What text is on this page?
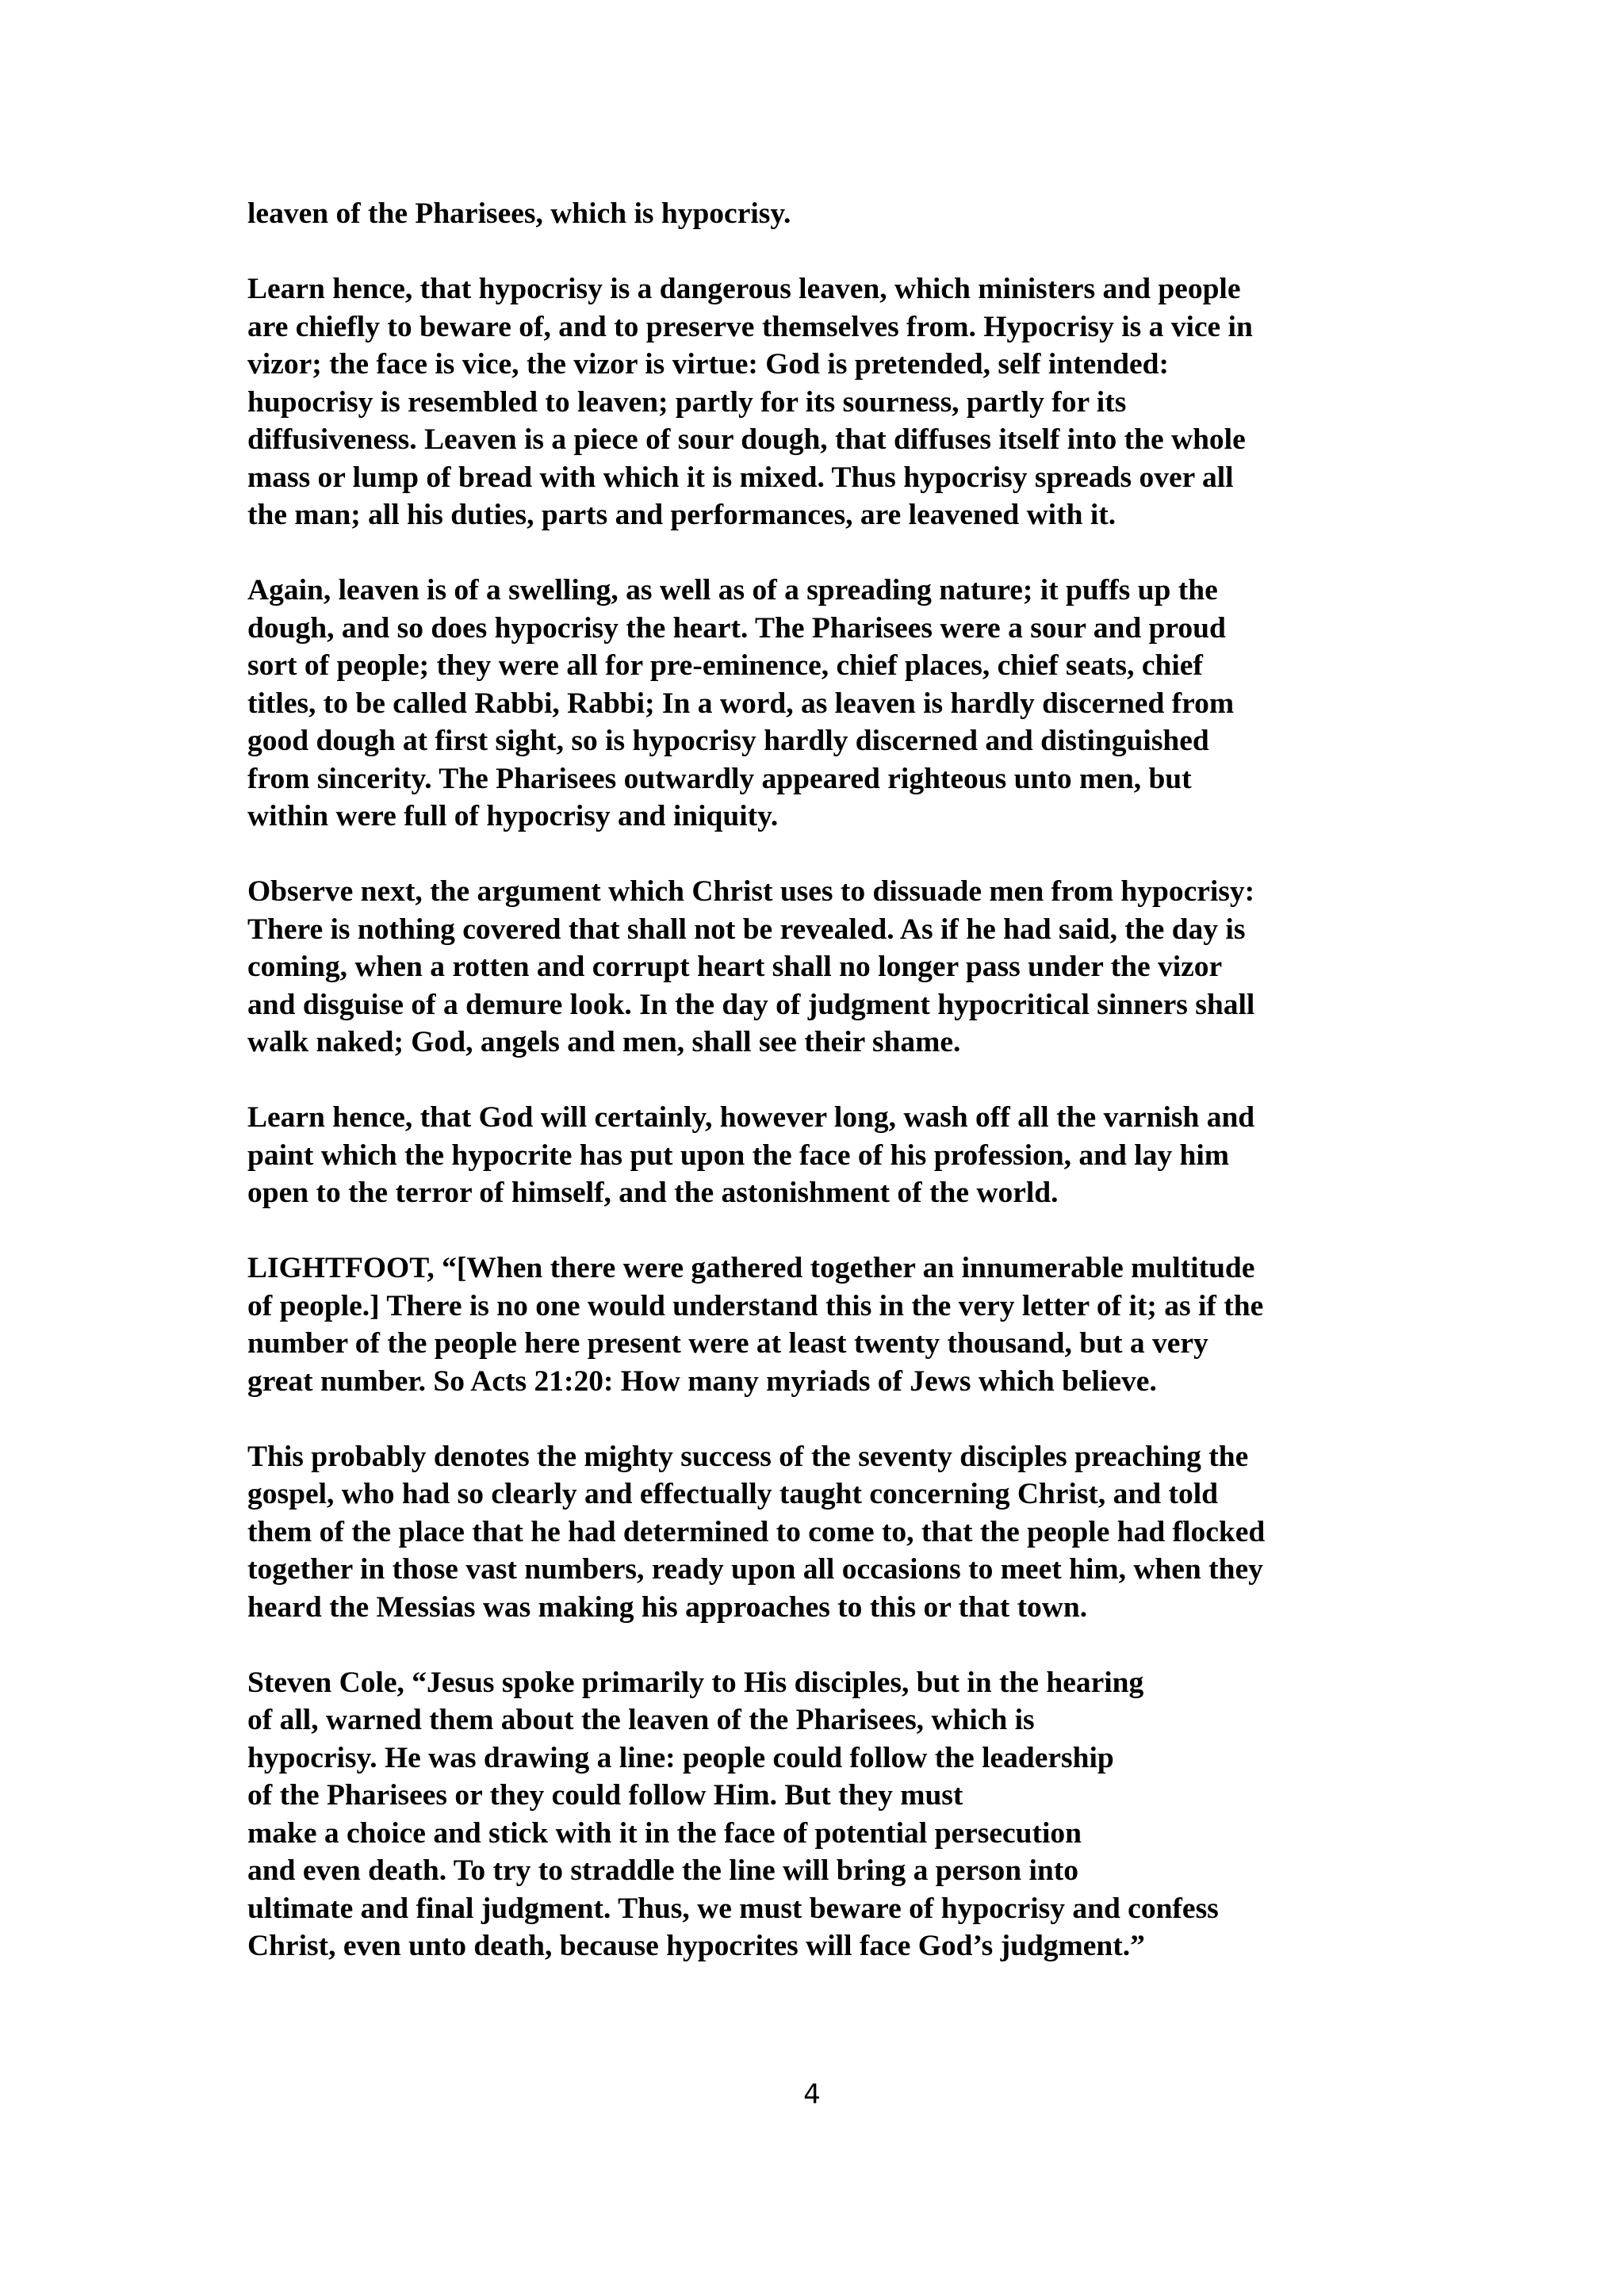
leaven of the Pharisees, which is hypocrisy.
Learn hence, that hypocrisy is a dangerous leaven, which ministers and people
are chiefly to beware of, and to preserve themselves from. Hypocrisy is a vice in
vizor; the face is vice, the vizor is virtue: God is pretended, self intended:
hupocrisy is resembled to leaven; partly for its sourness, partly for its
diffusiveness. Leaven is a piece of sour dough, that diffuses itself into the whole
mass or lump of bread with which it is mixed. Thus hypocrisy spreads over all
the man; all his duties, parts and performances, are leavened with it.
Again, leaven is of a swelling, as well as of a spreading nature; it puffs up the
dough, and so does hypocrisy the heart. The Pharisees were a sour and proud
sort of people; they were all for pre-eminence, chief places, chief seats, chief
titles, to be called Rabbi, Rabbi; In a word, as leaven is hardly discerned from
good dough at first sight, so is hypocrisy hardly discerned and distinguished
from sincerity. The Pharisees outwardly appeared righteous unto men, but
within were full of hypocrisy and iniquity.
Observe next, the argument which Christ uses to dissuade men from hypocrisy:
There is nothing covered that shall not be revealed. As if he had said, the day is
coming, when a rotten and corrupt heart shall no longer pass under the vizor
and disguise of a demure look. In the day of judgment hypocritical sinners shall
walk naked; God, angels and men, shall see their shame.
Learn hence, that God will certainly, however long, wash off all the varnish and
paint which the hypocrite has put upon the face of his profession, and lay him
open to the terror of himself, and the astonishment of the world.
LIGHTFOOT, “[When there were gathered together an innumerable multitude
of people.] There is no one would understand this in the very letter of it; as if the
number of the people here present were at least twenty thousand, but a very
great number. So Acts 21:20: How many myriads of Jews which believe.
This probably denotes the mighty success of the seventy disciples preaching the
gospel, who had so clearly and effectually taught concerning Christ, and told
them of the place that he had determined to come to, that the people had flocked
together in those vast numbers, ready upon all occasions to meet him, when they
heard the Messias was making his approaches to this or that town.
Steven Cole, “Jesus spoke primarily to His disciples, but in the hearing
of all, warned them about the leaven of the Pharisees, which is
hypocrisy. He was drawing a line: people could follow the leadership
of the Pharisees or they could follow Him. But they must
make a choice and stick with it in the face of potential persecution
and even death. To try to straddle the line will bring a person into
ultimate and final judgment. Thus, we must beware of hypocrisy and confess
Christ, even unto death, because hypocrites will face God’s judgment.”
4
